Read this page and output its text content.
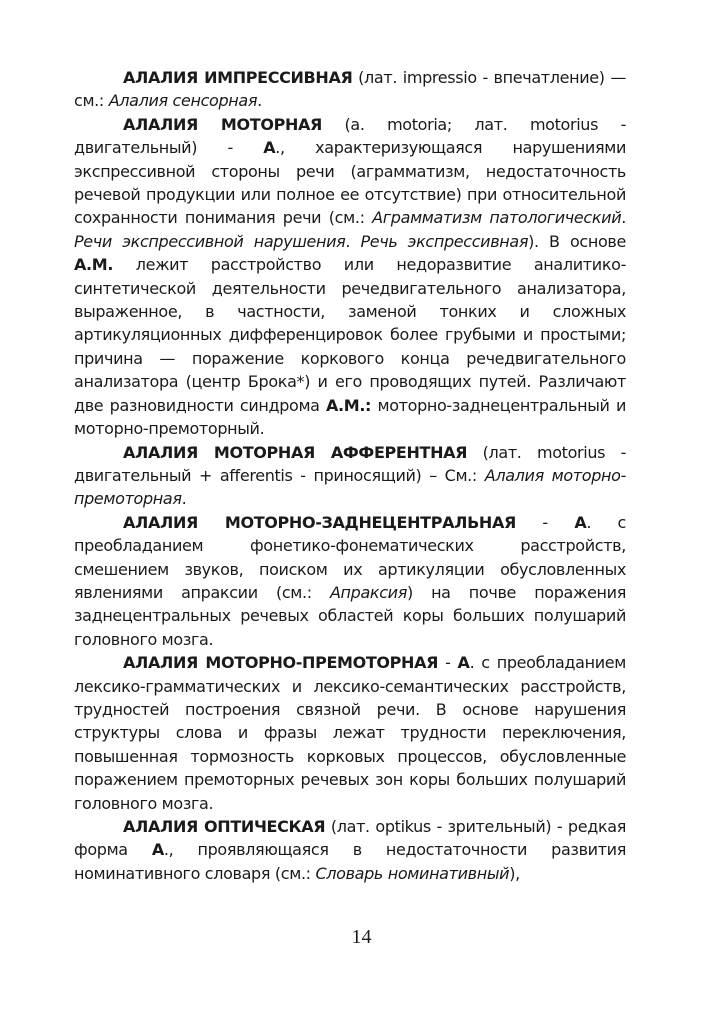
АЛАЛИЯ ИМПРЕССИВНАЯ (лат. impressio - впечатление) — см.: Алалия сенсорная.

АЛАЛИЯ МОТОРНАЯ (а. motoria; лат. motorius - двигательный) - А., характеризующаяся нарушениями экспрессивной стороны речи (аграмматизм, недостаточность речевой продукции или полное ее отсутствие) при относительной сохранности понимания речи (см.: Аграмматизм патологический. Речи экспрессивной нарушения. Речь экспрессивная). В основе А.М. лежит расстройство или недоразвитие аналитико-синтетической деятельности речедвигательного анализатора, выраженное, в частности, заменой тонких и сложных артикуляционных дифференцировок более грубыми и простыми; причина — поражение коркового конца речедвигательного анализатора (центр Брока*) и его проводящих путей. Различают две разновидности синдрома А.М.: моторно-заднецентральный и моторно-премоторный.

АЛАЛИЯ МОТОРНАЯ АФФЕРЕНТНАЯ (лат. motorius - двигательный + afferentis - приносящий) – См.: Алалия моторно-премоторная.

АЛАЛИЯ МОТОРНО-ЗАДНЕЦЕНТРАЛЬНАЯ - А. с преобладанием фонетико-фонематических расстройств, смешением звуков, поиском их артикуляции обусловленных явлениями апраксии (см.: Апраксия) на почве поражения заднецентральных речевых областей коры больших полушарий головного мозга.

АЛАЛИЯ МОТОРНО-ПРЕМОТОРНАЯ - А. с преобладанием лексико-грамматических и лексико-семантических расстройств, трудностей построения связной речи. В основе нарушения структуры слова и фразы лежат трудности переключения, повышенная тормозность корковых процессов, обусловленные поражением премоторных речевых зон коры больших полушарий головного мозга.

АЛАЛИЯ ОПТИЧЕСКАЯ (лат. optikus - зрительный) - редкая форма А., проявляющаяся в недостаточности развития номинативного словаря (см.: Словарь номинативный),

14
